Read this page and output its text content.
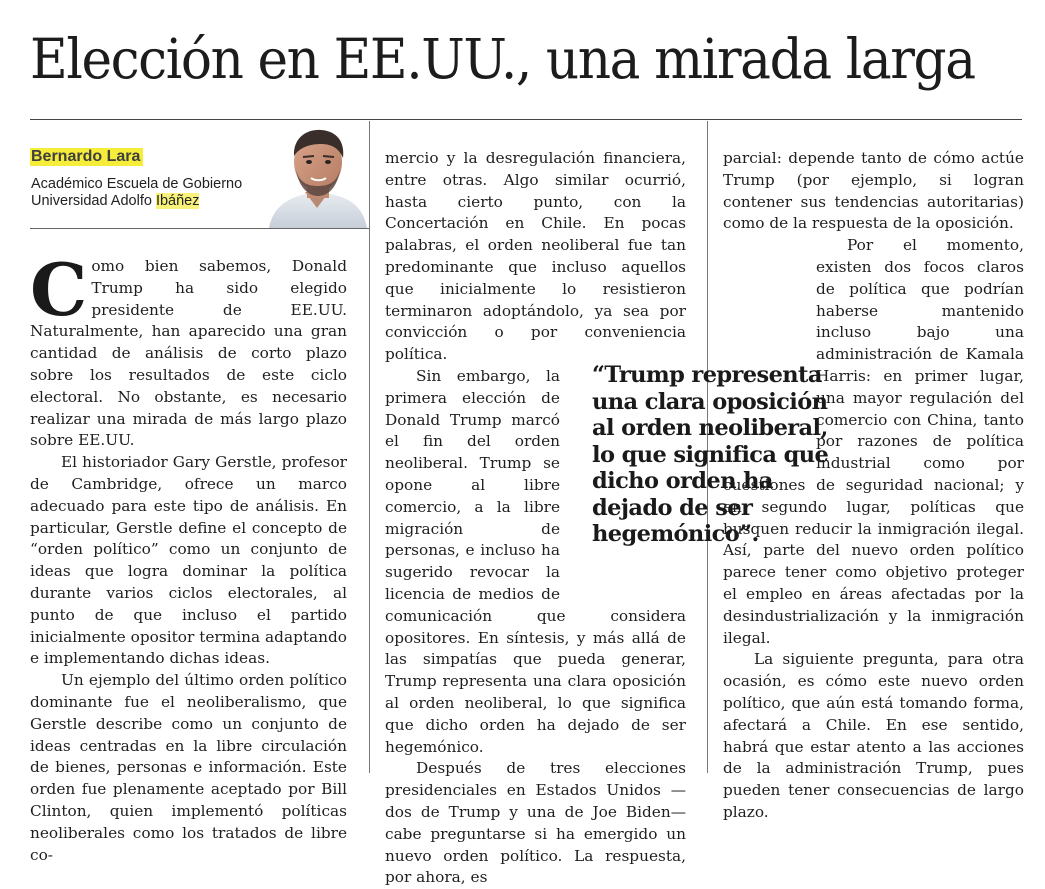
Elección en EE.UU., una mirada larga
Bernardo Lara
Académico Escuela de Gobierno
Universidad Adolfo Ibáñez

Como bien sabemos, Donald Trump ha sido elegido presidente de EE.UU. Naturalmente, han aparecido una gran cantidad de análisis de corto plazo sobre los resultados de este ciclo electoral. No obstante, es necesario realizar una mirada de más largo plazo sobre EE.UU.

El historiador Gary Gerstle, profesor de Cambridge, ofrece un marco adecuado para este tipo de análisis. En particular, Gerstle define el concepto de “orden político” como un conjunto de ideas que logra dominar la política durante varios ciclos electorales, al punto de que incluso el partido inicialmente opositor termina adaptando e implementando dichas ideas.

Un ejemplo del último orden político dominante fue el neoliberalismo, que Gerstle describe como un conjunto de ideas centradas en la libre circulación de bienes, personas e información. Este orden fue plenamente aceptado por Bill Clinton, quien implementó políticas neoliberales como los tratados de libre co-

mercio y la desregulación financiera, entre otras. Algo similar ocurrió, hasta cierto punto, con la Concertación en Chile. En pocas palabras, el orden neoliberal fue tan predominante que incluso aquellos que inicialmente lo resistieron terminaron adoptándolo, ya sea por convicción o por conveniencia política.

Sin embargo, la primera elección de Donald Trump marcó el fin del orden neoliberal. Trump se opone al libre comercio, a la libre migración de personas, e incluso ha sugerido revocar la licencia de medios de comunicación que considera opositores. En síntesis, y más allá de las simpatías que pueda generar, Trump representa una clara oposición al orden neoliberal, lo que significa que dicho orden ha dejado de ser hegemónico.

Después de tres elecciones presidenciales en Estados Unidos —dos de Trump y una de Joe Biden— cabe preguntarse si ha emergido un nuevo orden político. La respuesta, por ahora, es

parcial: depende tanto de cómo actúe Trump (por ejemplo, si logran contener sus tendencias autoritarias) como de la respuesta de la oposición.

Por el momento, existen dos focos claros de política que podrían haberse mantenido incluso bajo una administración de Kamala Harris: en primer lugar, una mayor regulación del comercio con China, tanto por razones de política industrial como por cuestiones de seguridad nacional; y en segundo lugar, políticas que busquen reducir la inmigración ilegal. Así, parte del nuevo orden político parece tener como objetivo proteger el empleo en áreas afectadas por la desindustrialización y la inmigración ilegal.

La siguiente pregunta, para otra ocasión, es cómo este nuevo orden político, que aún está tomando forma, afectará a Chile. En ese sentido, habrá que estar atento a las acciones de la administración Trump, pues pueden tener consecuencias de largo plazo.

“Trump representa una clara oposición al orden neoliberal, lo que significa que dicho orden ha dejado de ser hegemónico”.
